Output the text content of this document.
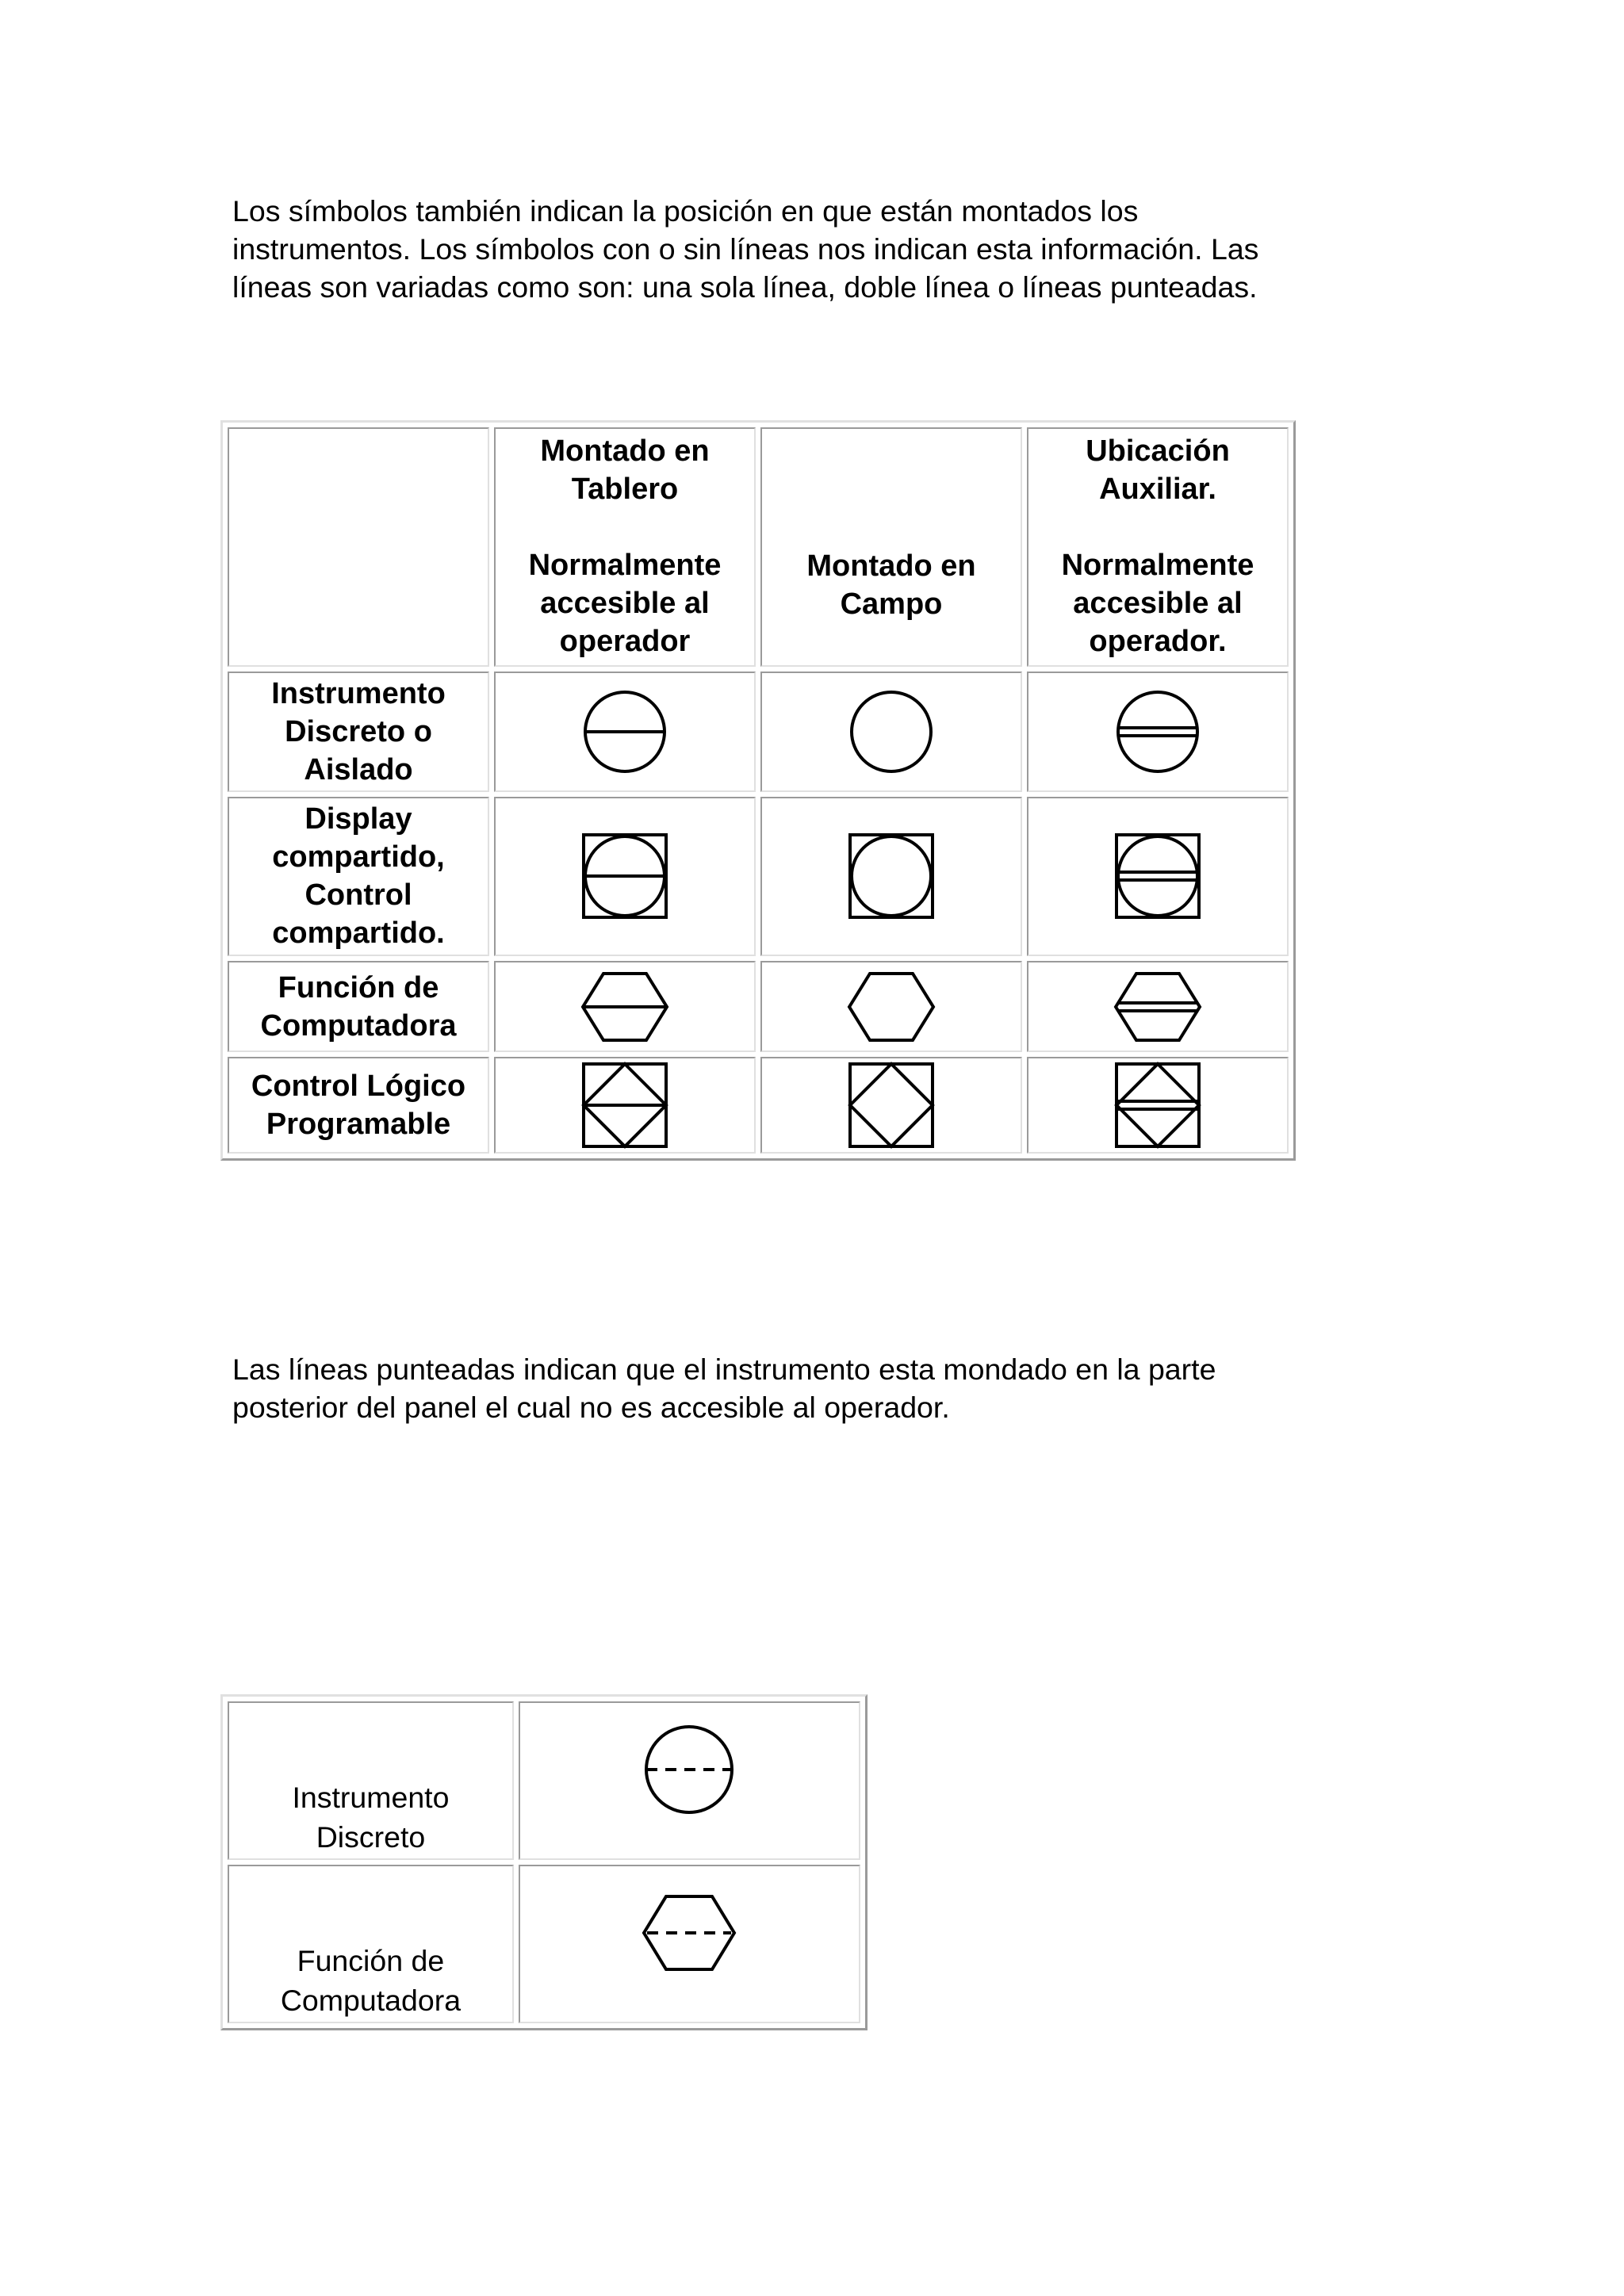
Los símbolos también indican la posición en que están montados los
instrumentos. Los símbolos con o sin líneas nos indican esta información. Las
líneas son variadas como son: una sola línea, doble línea o líneas punteadas.

	Montado en
Tablero
Normalmente
accesible al
operador	Montado en
Campo	Ubicación
Auxiliar.
Normalmente
accesible al
operador.
Instrumento
Discreto o
Aislado	

Display
compartido,
Control
compartido.	

Función de
Computadora	

Control Lógico
Programable	

Las líneas punteadas indican que el instrumento esta mondado en la parte
posterior del panel el cual no es accesible al operador.

Instrumento
Discreto	

Función de
Computadora	
